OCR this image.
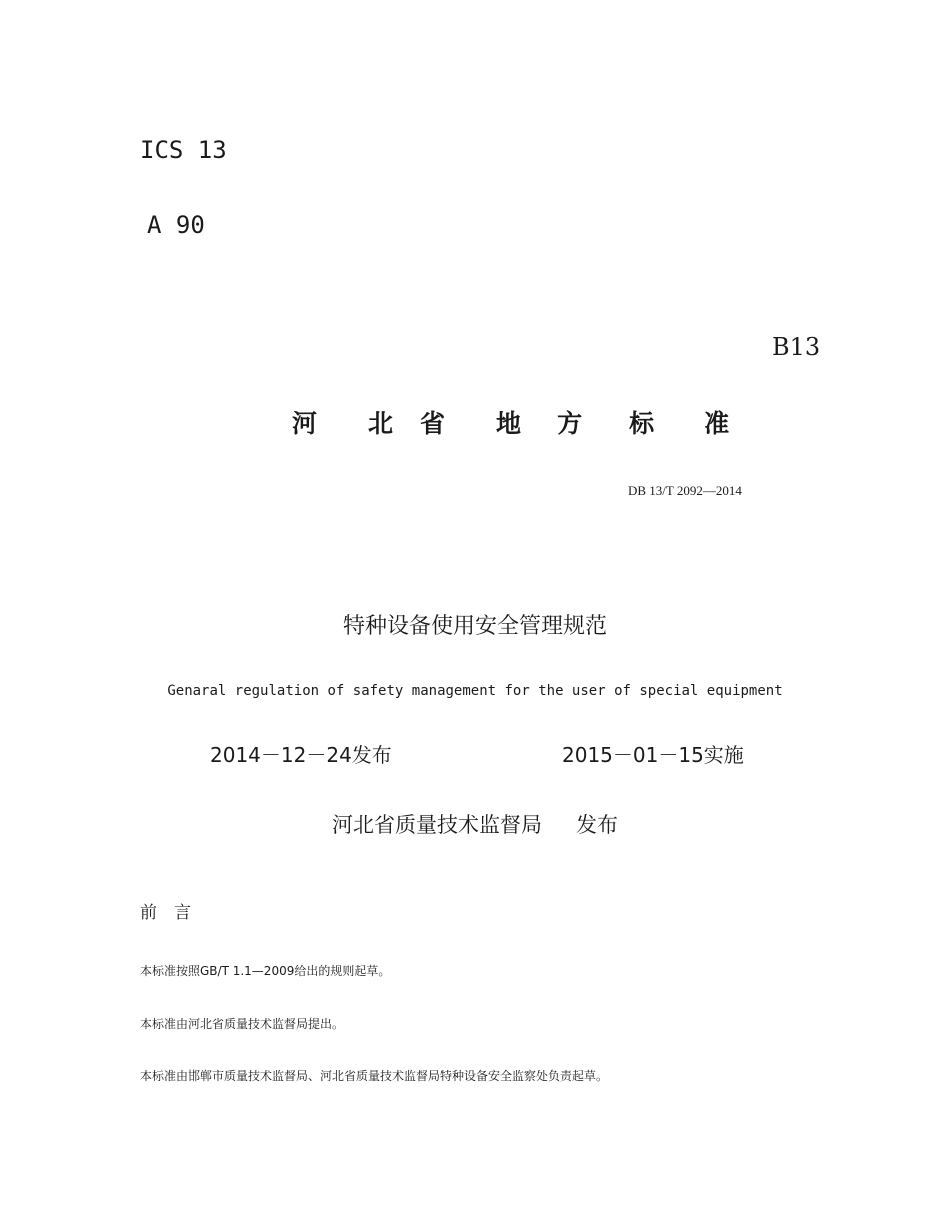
ICS 13
A 90
B13
河 北 省 地 方 标 准
DB 13/T 2092—2014
特种设备使用安全管理规范
Genaral regulation of safety management for the user of special equipment
2014－12－24发布	2015－01－15实施
河北省质量技术监督局 发布
前　言
本标准按照GB/T 1.1—2009给出的规则起草。
本标准由河北省质量技术监督局提出。
本标准由邯郸市质量技术监督局、河北省质量技术监督局特种设备安全监察处负责起草。
